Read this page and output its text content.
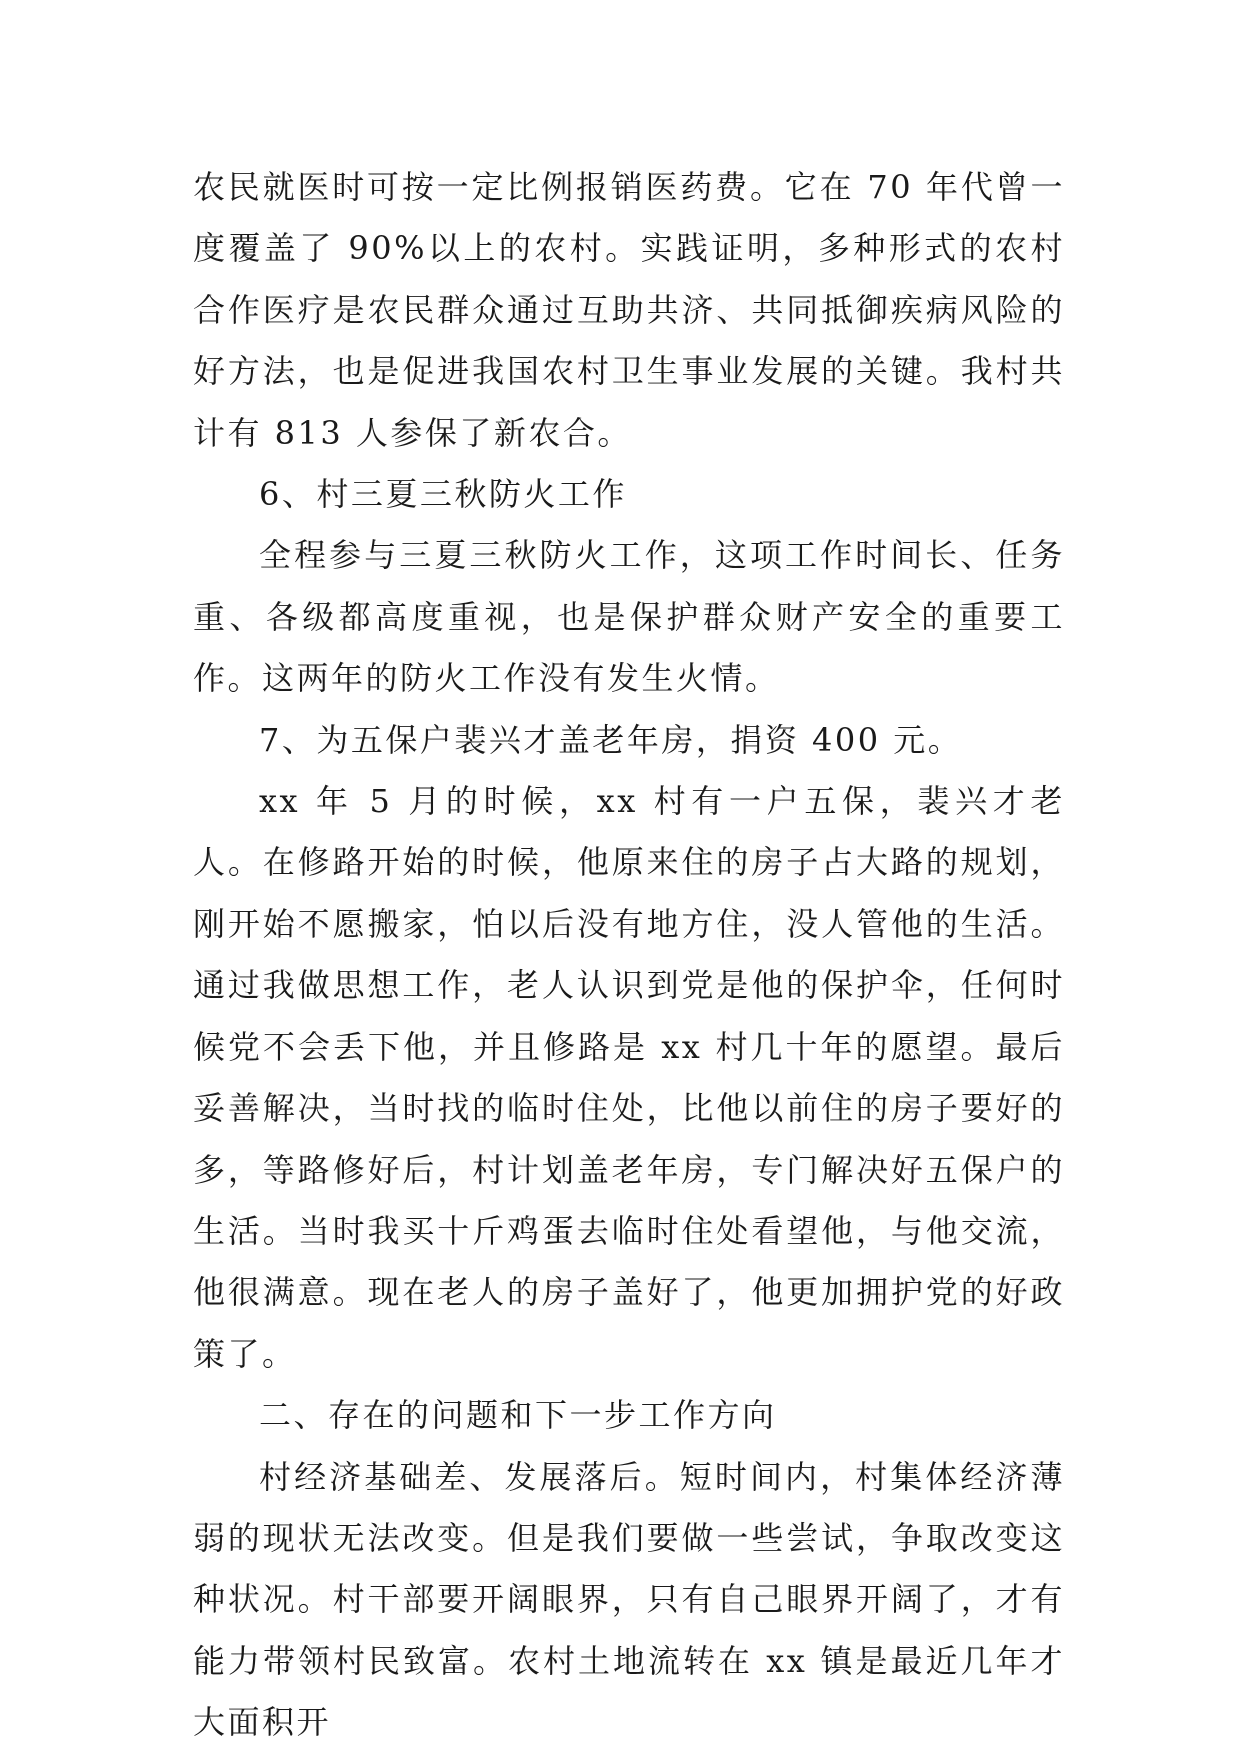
农民就医时可按一定比例报销医药费。它在 70 年代曾一度覆盖了 90%以上的农村。实践证明，多种形式的农村合作医疗是农民群众通过互助共济、共同抵御疾病风险的好方法，也是促进我国农村卫生事业发展的关键。我村共计有 813 人参保了新农合。

6、村三夏三秋防火工作

全程参与三夏三秋防火工作，这项工作时间长、任务重、各级都高度重视，也是保护群众财产安全的重要工作。这两年的防火工作没有发生火情。

7、为五保户裴兴才盖老年房，捐资 400 元。

xx 年 5 月的时候，xx 村有一户五保，裴兴才老人。在修路开始的时候，他原来住的房子占大路的规划，刚开始不愿搬家，怕以后没有地方住，没人管他的生活。通过我做思想工作，老人认识到党是他的保护伞，任何时候党不会丢下他，并且修路是 xx 村几十年的愿望。最后妥善解决，当时找的临时住处，比他以前住的房子要好的多，等路修好后，村计划盖老年房，专门解决好五保户的生活。当时我买十斤鸡蛋去临时住处看望他，与他交流，他很满意。现在老人的房子盖好了，他更加拥护党的好政策了。

二、存在的问题和下一步工作方向

村经济基础差、发展落后。短时间内，村集体经济薄弱的现状无法改变。但是我们要做一些尝试，争取改变这种状况。村干部要开阔眼界，只有自己眼界开阔了，才有能力带领村民致富。农村土地流转在 xx 镇是最近几年才大面积开
